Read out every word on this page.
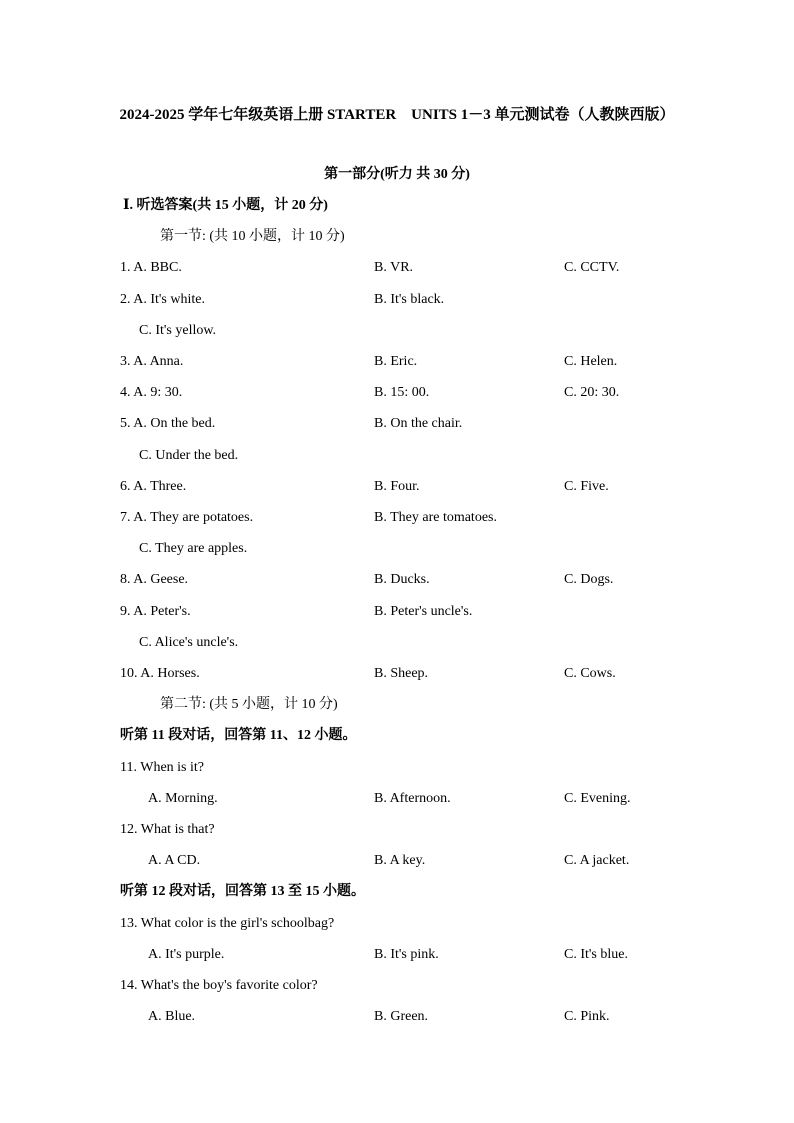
2024-2025 学年七年级英语上册 STARTER　UNITS 1－3 单元测试卷（人教陕西版）
第一部分(听力 共 30 分)
Ⅰ. 听选答案(共 15 小题，计 20 分)
第一节: (共 10 小题，计 10 分)
1. A. BBC.	B. VR.	C. CCTV.
2. A. It's white.	B. It's black.
C. It's yellow.
3. A. Anna.	B. Eric.	C. Helen.
4. A. 9: 30.	B. 15: 00.	C. 20: 30.
5. A. On the bed.	B. On the chair.
C. Under the bed.
6. A. Three.	B. Four.	C. Five.
7. A. They are potatoes.	B. They are tomatoes.
C. They are apples.
8. A. Geese.	B. Ducks.	C. Dogs.
9. A. Peter's.	B. Peter's uncle's.
C. Alice's uncle's.
10. A. Horses.	B. Sheep.	C. Cows.
第二节: (共 5 小题，计 10 分)
听第 11 段对话，回答第 11、12 小题。
11. When is it?
A. Morning.	B. Afternoon.	C. Evening.
12. What is that?
A. A CD.	B. A key.	C. A jacket.
听第 12 段对话，回答第 13 至 15 小题。
13. What color is the girl's schoolbag?
A. It's purple.	B. It's pink.	C. It's blue.
14. What's the boy's favorite color?
A. Blue.	B. Green.	C. Pink.
